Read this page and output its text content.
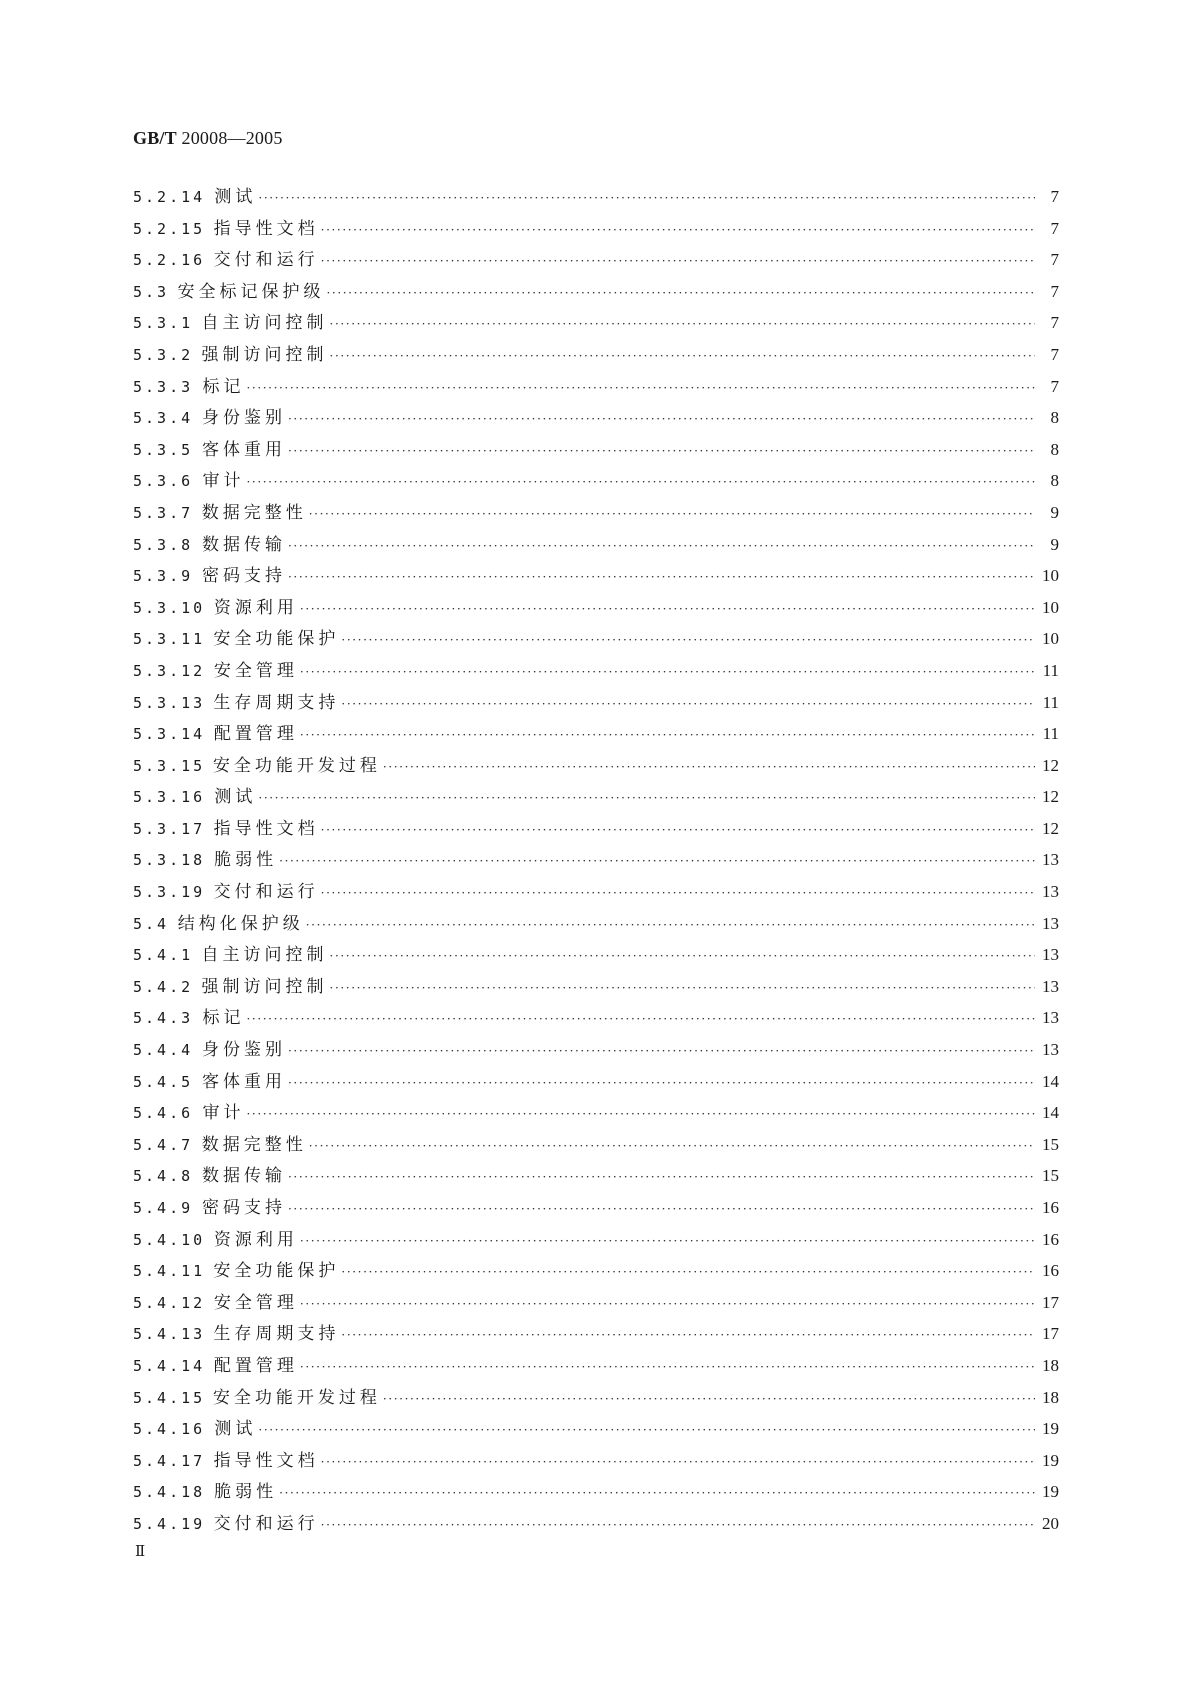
GB/T 20008—2005
5.2.14 测试 ·····	7
5.2.15 指导性文档 ·····	7
5.2.16 交付和运行 ·····	7
5.3 安全标记保护级 ·····	7
5.3.1 自主访问控制 ·····	7
5.3.2 强制访问控制 ·····	7
5.3.3 标记 ·····	7
5.3.4 身份鉴别 ·····	8
5.3.5 客体重用 ·····	8
5.3.6 审计 ·····	8
5.3.7 数据完整性 ·····	9
5.3.8 数据传输 ·····	9
5.3.9 密码支持 ·····	10
5.3.10 资源利用 ·····	10
5.3.11 安全功能保护 ·····	10
5.3.12 安全管理 ·····	11
5.3.13 生存周期支持 ·····	11
5.3.14 配置管理 ·····	11
5.3.15 安全功能开发过程 ·····	12
5.3.16 测试 ·····	12
5.3.17 指导性文档 ·····	12
5.3.18 脆弱性 ·····	13
5.3.19 交付和运行 ·····	13
5.4 结构化保护级 ·····	13
5.4.1 自主访问控制 ·····	13
5.4.2 强制访问控制 ·····	13
5.4.3 标记 ·····	13
5.4.4 身份鉴别 ·····	13
5.4.5 客体重用 ·····	14
5.4.6 审计 ·····	14
5.4.7 数据完整性 ·····	15
5.4.8 数据传输 ·····	15
5.4.9 密码支持 ·····	16
5.4.10 资源利用 ·····	16
5.4.11 安全功能保护 ·····	16
5.4.12 安全管理 ·····	17
5.4.13 生存周期支持 ·····	17
5.4.14 配置管理 ·····	18
5.4.15 安全功能开发过程 ·····	18
5.4.16 测试 ·····	19
5.4.17 指导性文档 ·····	19
5.4.18 脆弱性 ·····	19
5.4.19 交付和运行 ·····	20
Ⅱ
